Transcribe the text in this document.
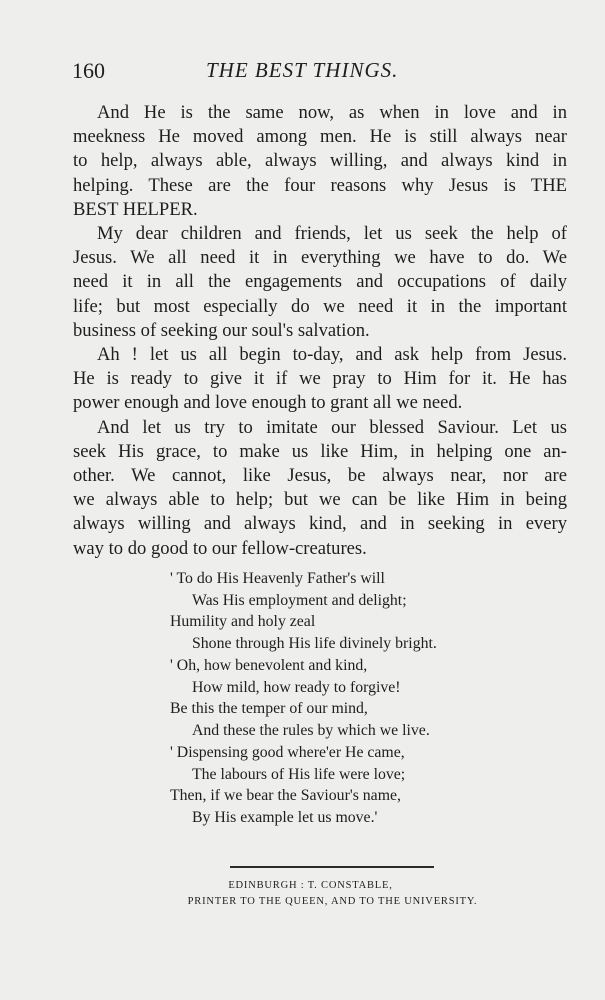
160	THE BEST THINGS.

And He is the same now, as when in love and in
meekness He moved among men. He is still always near
to help, always able, always willing, and always kind in
helping. These are the four reasons why Jesus is THE
BEST HELPER.

My dear children and friends, let us seek the help of
Jesus. We all need it in everything we have to do. We
need it in all the engagements and occupations of daily
life; but most especially do we need it in the important
business of seeking our soul's salvation.

Ah ! let us all begin to-day, and ask help from Jesus.
He is ready to give it if we pray to Him for it. He has
power enough and love enough to grant all we need.

And let us try to imitate our blessed Saviour. Let us
seek His grace, to make us like Him, in helping one an-
other. We cannot, like Jesus, be always near, nor are
we always able to help; but we can be like Him in being
always willing and always kind, and in seeking in every
way to do good to our fellow-creatures.

' To do His Heavenly Father's will
Was His employment and delight;
Humility and holy zeal
Shone through His life divinely bright.
' Oh, how benevolent and kind,
How mild, how ready to forgive!
Be this the temper of our mind,
And these the rules by which we live.
' Dispensing good where'er He came,
The labours of His life were love;
Then, if we bear the Saviour's name,
By His example let us move.'
EDINBURGH : T. CONSTABLE,
PRINTER TO THE QUEEN, AND TO THE UNIVERSITY.
